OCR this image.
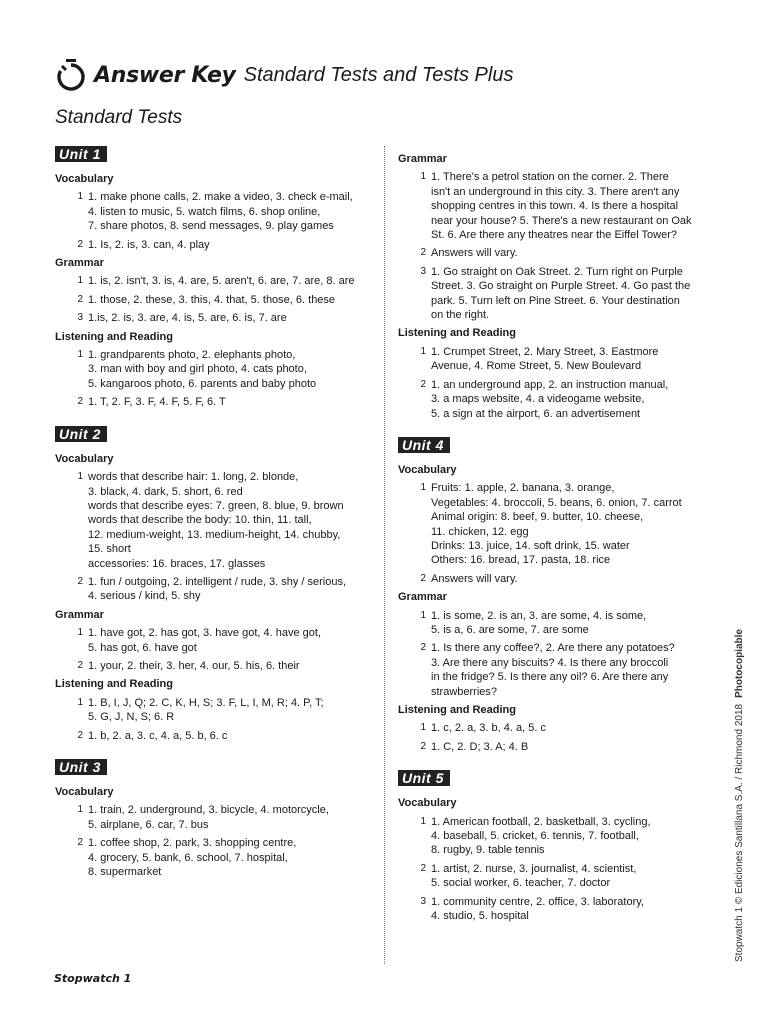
Answer Key Standard Tests and Tests Plus
Standard Tests
Unit 1
Vocabulary
1 1. make phone calls, 2. make a video, 3. check e-mail,
4. listen to music, 5. watch films, 6. shop online,
7. share photos, 8. send messages, 9. play games
2 1. Is, 2. is, 3. can, 4. play
Grammar
1 1. is, 2. isn't, 3. is, 4. are, 5. aren't, 6. are, 7. are, 8. are
2 1. those, 2. these, 3. this, 4. that, 5. those, 6. these
3 1.is, 2. is, 3. are, 4. is, 5. are, 6. is, 7. are
Listening and Reading
1 1. grandparents photo, 2. elephants photo,
3. man with boy and girl photo, 4. cats photo,
5. kangaroos photo, 6. parents and baby photo
2 1. T, 2. F, 3. F, 4. F, 5. F, 6. T
Unit 2
Vocabulary
1 words that describe hair: 1. long, 2. blonde,
3. black, 4. dark, 5. short, 6. red
words that describe eyes: 7. green, 8. blue, 9. brown
words that describe the body: 10. thin, 11. tall,
12. medium-weight, 13. medium-height, 14. chubby,
15. short
accessories: 16. braces, 17. glasses
2 1. fun / outgoing, 2. intelligent / rude, 3. shy / serious,
4. serious / kind, 5. shy
Grammar
1 1. have got, 2. has got, 3. have got, 4. have got,
5. has got, 6. have got
2 1. your, 2. their, 3. her, 4. our, 5. his, 6. their
Listening and Reading
1 1. B, I, J, Q; 2. C, K, H, S; 3. F, L, I, M, R; 4. P, T;
5. G, J, N, S; 6. R
2 1. b, 2. a, 3. c, 4. a, 5. b, 6. c
Unit 3
Vocabulary
1 1. train, 2. underground, 3. bicycle, 4. motorcycle,
5. airplane, 6. car, 7. bus
2 1. coffee shop, 2. park, 3. shopping centre,
4. grocery, 5. bank, 6. school, 7. hospital,
8. supermarket
Grammar
1 1. There's a petrol station on the corner. 2. There
isn't an underground in this city. 3. There aren't any
shopping centres in this town. 4. Is there a hospital
near your house? 5. There's a new restaurant on Oak
St. 6. Are there any theatres near the Eiffel Tower?
2 Answers will vary.
3 1. Go straight on Oak Street. 2. Turn right on Purple
Street. 3. Go straight on Purple Street. 4. Go past the
park. 5. Turn left on Pine Street. 6. Your destination
on the right.
Listening and Reading
1 1. Crumpet Street, 2. Mary Street, 3. Eastmore
Avenue, 4. Rome Street, 5. New Boulevard
2 1. an underground app, 2. an instruction manual,
3. a maps website, 4. a videogame website,
5. a sign at the airport, 6. an advertisement
Unit 4
Vocabulary
1 Fruits: 1. apple, 2. banana, 3. orange,
Vegetables: 4. broccoli, 5. beans, 6. onion, 7. carrot
Animal origin: 8. beef, 9. butter, 10. cheese,
11. chicken, 12. egg
Drinks: 13. juice, 14. soft drink, 15. water
Others: 16. bread, 17. pasta, 18. rice
2 Answers will vary.
Grammar
1 1. is some, 2. is an, 3. are some, 4. is some,
5. is a, 6. are some, 7. are some
2 1. Is there any coffee?, 2. Are there any potatoes?
3. Are there any biscuits? 4. Is there any broccoli
in the fridge? 5. Is there any oil? 6. Are there any
strawberries?
Listening and Reading
1 1. c, 2. a, 3. b, 4. a, 5. c
2 1. C, 2. D; 3. A; 4. B
Unit 5
Vocabulary
1 1. American football, 2. basketball, 3. cycling,
4. baseball, 5. cricket, 6. tennis, 7. football,
8. rugby, 9. table tennis
2 1. artist, 2. nurse, 3. journalist, 4. scientist,
5. social worker, 6. teacher, 7. doctor
3 1. community centre, 2. office, 3. laboratory,
4. studio, 5. hospital	Stopwatch 1 © Ediciones Santillana S.A. / Richmond 2018Photocopiable
Stopwatch 1
